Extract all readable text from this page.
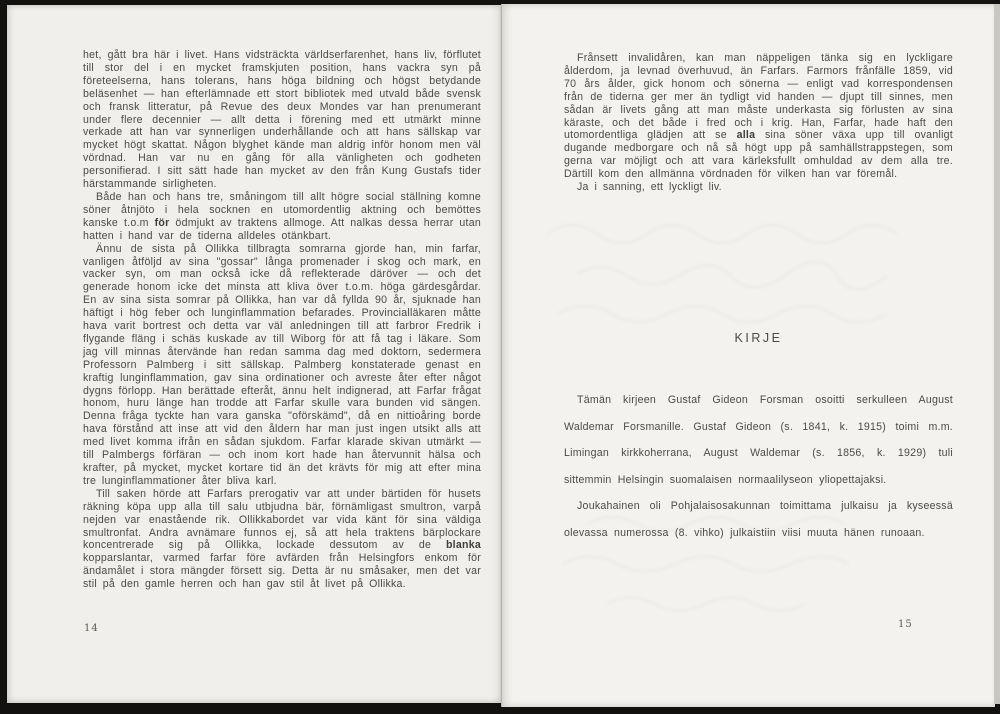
het, gått bra här i livet. Hans vidsträckta världserfarenhet, hans liv, förflutet till stor del i en mycket framskjuten position, hans vackra syn på företeelserna, hans tolerans, hans höga bildning och högst betydande beläsenhet — han efterlämnade ett stort bibliotek med utvald både svensk och fransk litteratur, på Revue des deux Mondes var han prenumerant under flere decennier — allt detta i förening med ett utmärkt minne verkade att han var synnerligen underhållande och att hans sällskap var mycket högt skattat. Någon blyghet kände man aldrig inför honom men väl vördnad. Han var nu en gång för alla vänligheten och godheten personifierad. I sitt sätt hade han mycket av den från Kung Gustafs tider härstammande sirligheten.

Både han och hans tre, småningom till allt högre social ställning komne söner åtnjöto i hela socknen en utomordentlig aktning och bemöttes kanske t.o.m för ödmjukt av traktens allmoge. Att nalkas dessa herrar utan hatten i hand var de tiderna alldeles otänkbart.

Ännu de sista på Ollikka tillbragta somrarna gjorde han, min farfar, vanligen åtföljd av sina "gossar" långa promenader i skog och mark, en vacker syn, om man också icke då reflekterade däröver — och det generade honom icke det minsta att kliva över t.o.m. höga gärdesgårdar. En av sina sista somrar på Ollikka, han var då fyllda 90 år, sjuknade han häftigt i hög feber och lunginflammation befarades. Provincialläkaren måtte hava varit bortrest och detta var väl anledningen till att farbror Fredrik i flygande fläng i schäs kuskade av till Wiborg för att få tag i läkare. Som jag vill minnas återvände han redan samma dag med doktorn, sedermera Professorn Palmberg i sitt sällskap. Palmberg konstaterade genast en kraftig lunginflammation, gav sina ordinationer och avreste åter efter något dygns förlopp. Han berättade efteråt, ännu helt indignerad, att Farfar frågat honom, huru länge han trodde att Farfar skulle vara bunden vid sängen. Denna fråga tyckte han vara ganska "oförskämd", då en nittioåring borde hava förstånd att inse att vid den åldern har man just ingen utsikt alls att med livet komma ifrån en sådan sjukdom. Farfar klarade skivan utmärkt — till Palmbergs förfäran — och inom kort hade han återvunnit hälsa och krafter, på mycket, mycket kortare tid än det krävts för mig att efter mina tre lunginflammationer åter bliva karl.

Till saken hörde att Farfars prerogativ var att under bärtiden för husets räkning köpa upp alla till salu utbjudna bär, förnämligast smultron, varpå nejden var enastående rik. Ollikkabordet var vida känt för sina väldiga smultronfat. Andra avnämare funnos ej, så att hela traktens bärplockare koncentrerade sig på Ollikka, lockade dessutom av de blanka kopparslantar, varmed farfar före avfärden från Helsingfors enkom för ändamålet i stora mängder försett sig. Detta är nu småsaker, men det var stil på den gamle herren och han gav stil åt livet på Ollikka.

14

Frånsett invalidåren, kan man näppeligen tänka sig en lyckligare ålderdom, ja levnad överhuvud, än Farfars. Farmors frånfälle 1859, vid 70 års ålder, gick honom och sönerna — enligt vad korrespondensen från de tiderna ger mer än tydligt vid handen — djupt till sinnes, men sådan är livets gång att man måste underkasta sig förlusten av sina käraste, och det både i fred och i krig. Han, Farfar, hade haft den utomordentliga glädjen att se alla sina söner växa upp till ovanligt dugande medborgare och nå så högt upp på samhällstrappstegen, som gerna var möjligt och att vara kärleksfullt omhuldad av dem alla tre. Därtill kom den allmänna vördnaden för vilken han var föremål.

Ja i sanning, ett lyckligt liv.

KIRJE

Tämän kirjeen Gustaf Gideon Forsman osoitti serkulleen August Waldemar Forsmanille. Gustaf Gideon (s. 1841, k. 1915) toimi m.m. Limingan kirkkoherrana, August Waldemar (s. 1856, k. 1929) tuli sittemmin Helsingin suomalaisen normaalilyseon yliopettajaksi.

Joukahainen oli Pohjalaisosakunnan toimittama julkaisu ja kyseessä olevassa numerossa (8. vihko) julkaistiin viisi muuta hänen runoaan.

15
